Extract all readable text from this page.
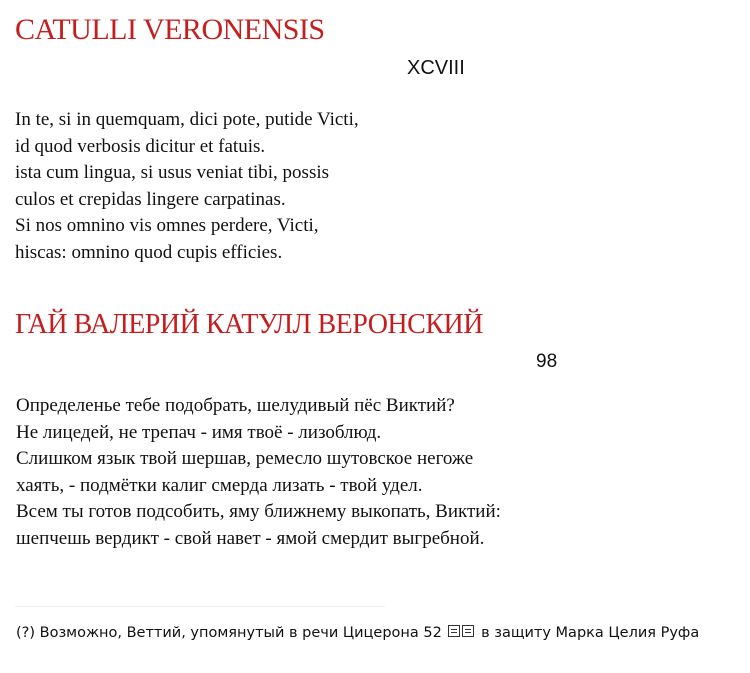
CATULLI VERONENSIS
XCVIII
In te, si in quemquam, dici pote, putide Victi,
id quod verbosis dicitur et fatuis.
ista cum lingua, si usus veniat tibi, possis
culos et crepidas lingere carpatinas.
Si nos omnino vis omnes perdere, Victi,
hiscas: omnino quod cupis efficies.
ГАЙ ВАЛЕРИЙ КАТУЛЛ ВЕРОНСКИЙ
98
Определенье тебе подобрать, шелудивый пёс Виктий?
Не лицедей, не трепач - имя твоё - лизоблюд.
Слишком язык твой шершав, ремесло шутовское негоже
хаять, - подмётки калиг смерда лизать - твой удел.
Всем ты готов подсобить, яму ближнему выкопать, Виктий:
шепчешь вердикт - свой навет - ямой смердит выгребной.
(?) Возможно, Веттий, упомянутый в речи Цицерона 52	в защиту Марка Целия Руфа
